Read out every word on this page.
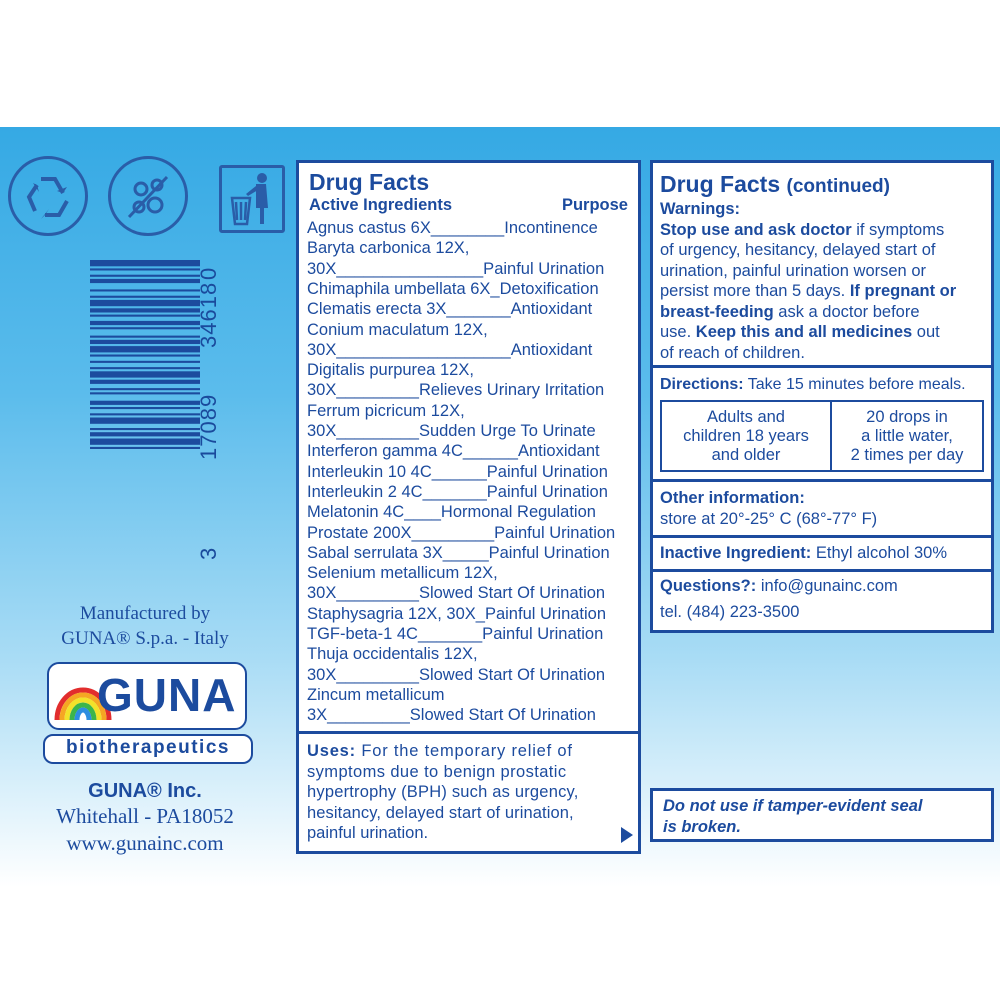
3
17089
34618
0
Manufactured by
GUNA® S.p.a. - Italy
GUNA
biotherapeutics
GUNA® Inc.
Whitehall - PA18052
www.gunainc.com
Drug Facts
Active Ingredients	Purpose
Agnus castus 6X________Incontinence
Baryta carbonica 12X,
30X________________Painful Urination
Chimaphila umbellata 6X_Detoxification
Clematis erecta 3X_______Antioxidant
Conium maculatum 12X,
30X___________________Antioxidant
Digitalis purpurea 12X,
30X_________Relieves Urinary Irritation
Ferrum picricum 12X,
30X_________Sudden Urge To Urinate
Interferon gamma 4C______Antioxidant
Interleukin 10 4C______Painful Urination
Interleukin 2 4C_______Painful Urination
Melatonin 4C____Hormonal Regulation
Prostate 200X_________Painful Urination
Sabal serrulata 3X_____Painful Urination
Selenium metallicum 12X,
30X_________Slowed Start Of Urination
Staphysagria 12X, 30X_Painful Urination
TGF-beta-1 4C_______Painful Urination
Thuja occidentalis 12X,
30X_________Slowed Start Of Urination
Zincum metallicum
3X_________Slowed Start Of Urination
Uses: For the temporary relief of
symptoms due to benign prostatic
hypertrophy (BPH) such as urgency,
hesitancy, delayed start of urination,
painful urination.
Drug Facts (continued)
Warnings:
Stop use and ask doctor if symptoms
of urgency, hesitancy, delayed start of
urination, painful urination worsen or
persist more than 5 days. If pregnant or
breast-feeding ask a doctor before
use. Keep this and all medicines out
of reach of children.
Directions: Take 15 minutes before meals.
Adults and
children 18 years
and older
20 drops in
a little water,
2 times per day
Other information:
store at 20°-25° C (68°-77° F)
Inactive Ingredient: Ethyl alcohol 30%
Questions?: info@gunainc.com
tel. (484) 223-3500
Do not use if tamper-evident seal
is broken.
